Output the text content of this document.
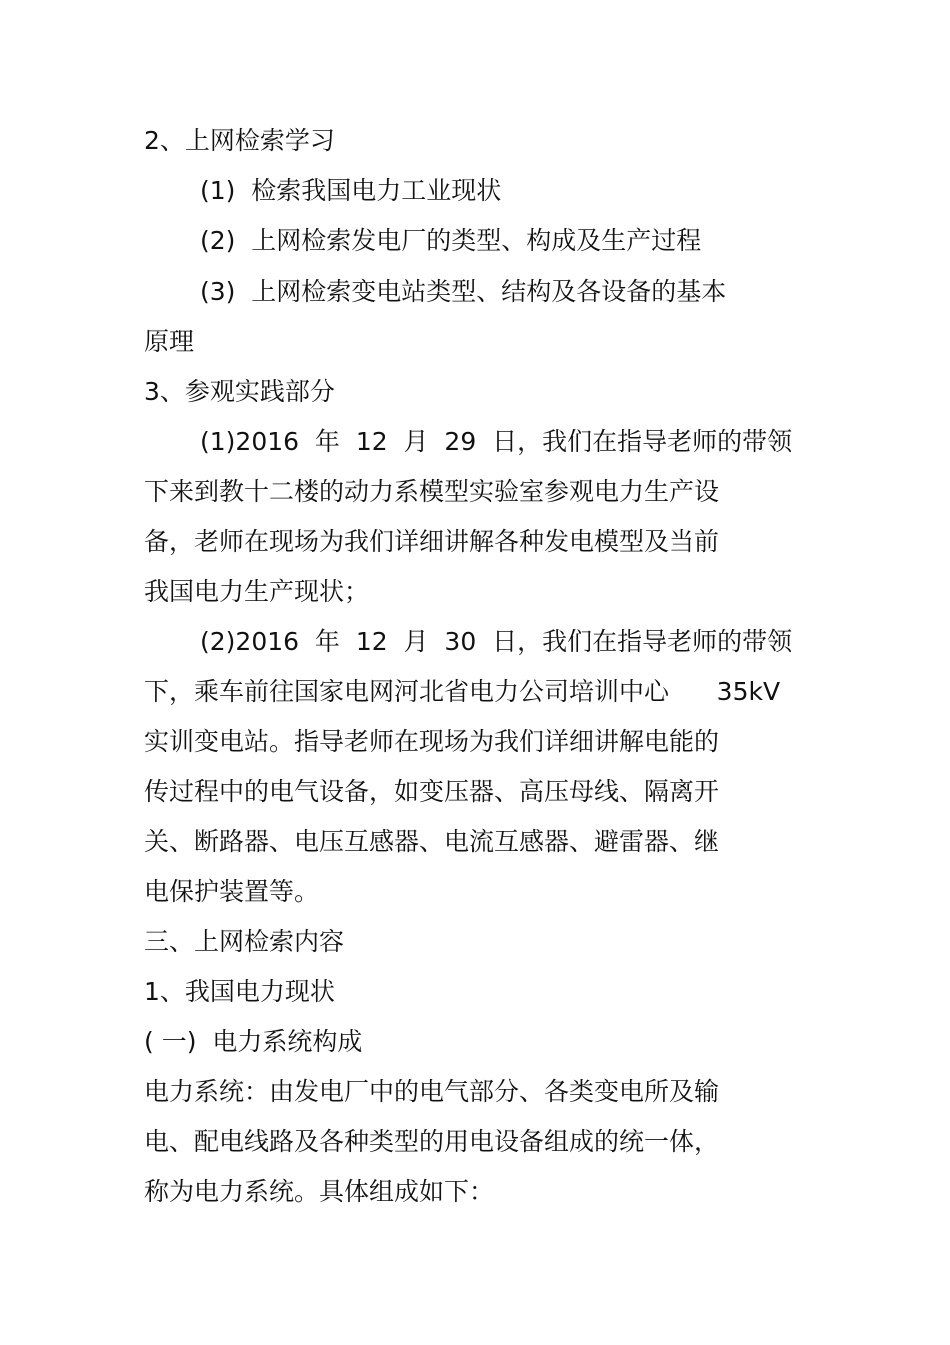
2、上网检索学习
(1)  检索我国电力工业现状
(2)  上网检索发电厂的类型、构成及生产过程
(3)  上网检索变电站类型、结构及各设备的基本
原理
3、参观实践部分
(1)2016  年  12  月  29  日，我们在指导老师的带领
下来到教十二楼的动力系模型实验室参观电力生产设
备，老师在现场为我们详细讲解各种发电模型及当前
我国电力生产现状；
(2)2016  年  12  月  30  日，我们在指导老师的带领
下，乘车前往国家电网河北省电力公司培训中心      35kV
实训变电站。指导老师在现场为我们详细讲解电能的
传过程中的电气设备，如变压器、高压母线、隔离开
关、断路器、电压互感器、电流互感器、避雷器、继
电保护装置等。
三、上网检索内容
1、我国电力现状
( 一)  电力系统构成
电力系统：由发电厂中的电气部分、各类变电所及输
电、配电线路及各种类型的用电设备组成的统一体，
称为电力系统。具体组成如下：
